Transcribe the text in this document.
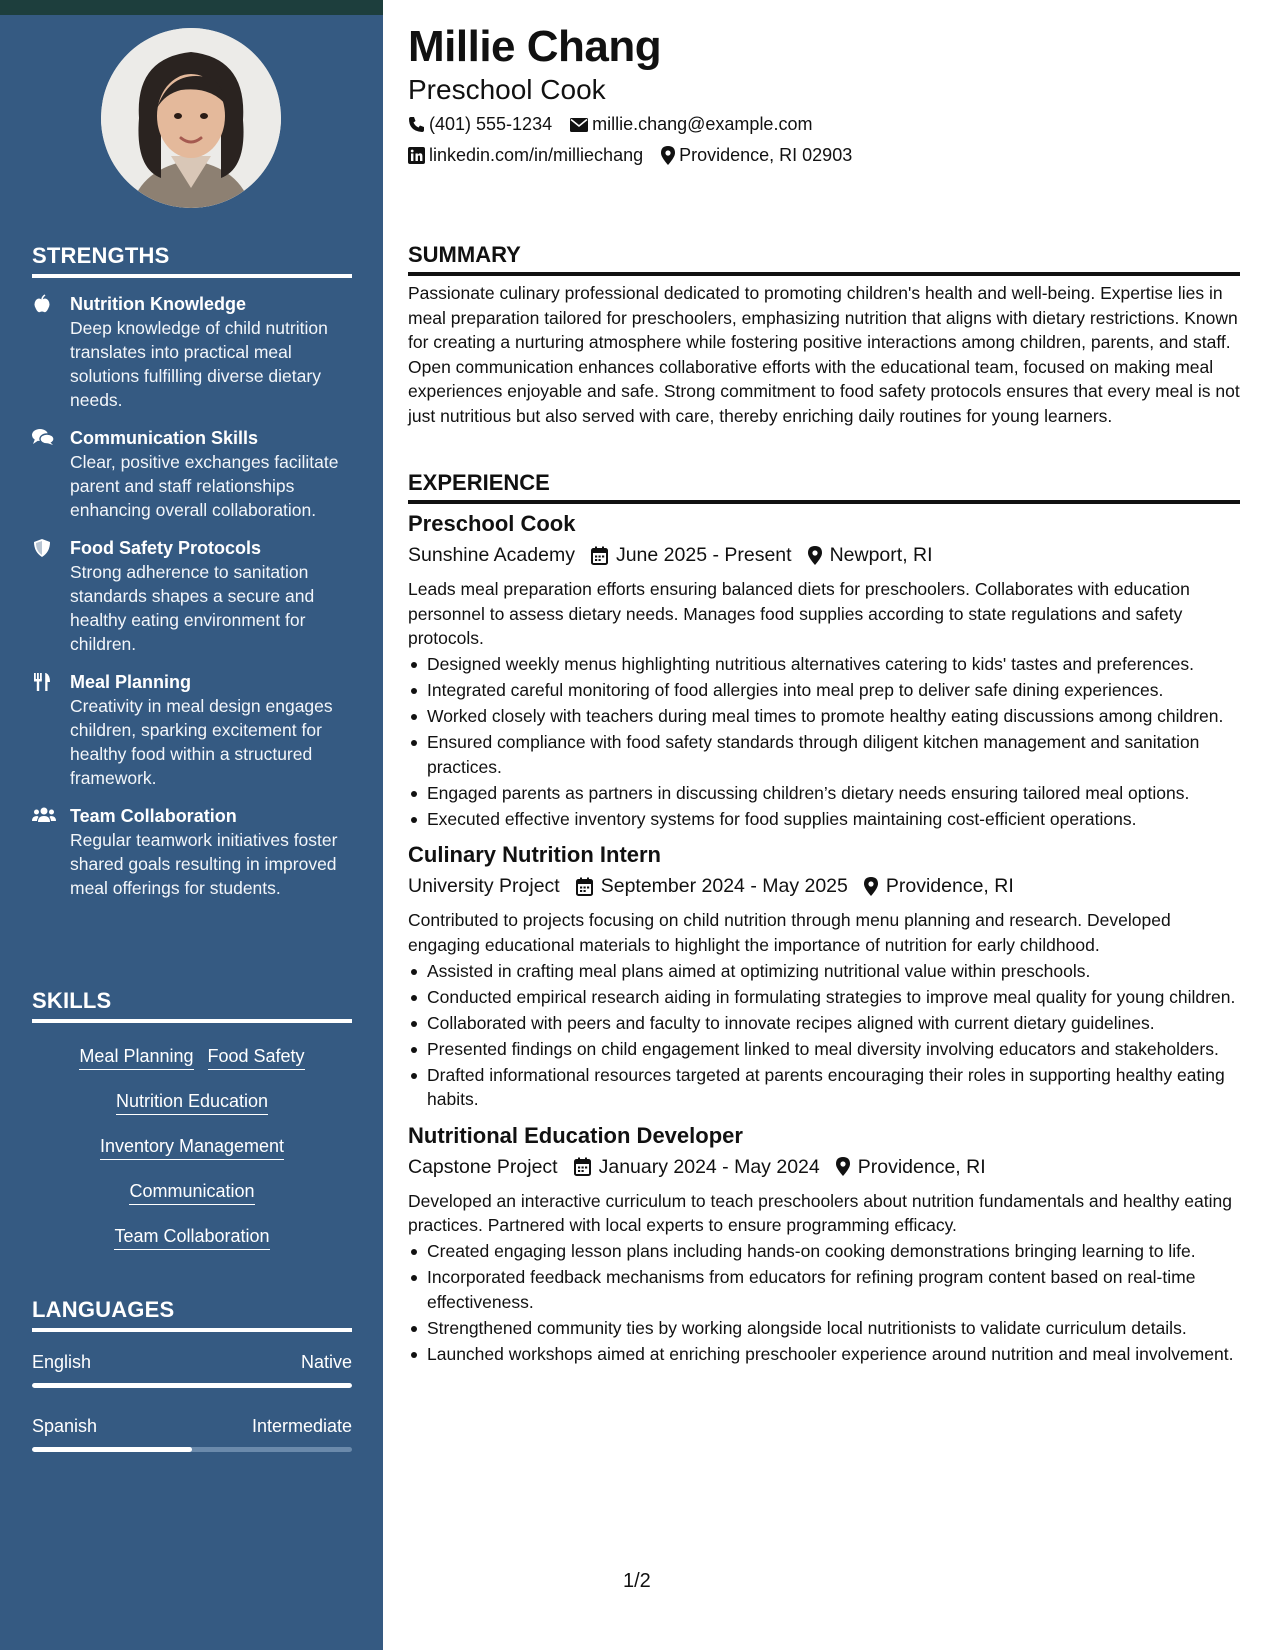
STRENGTHS
Nutrition Knowledge
Deep knowledge of child nutrition translates into practical meal solutions fulfilling diverse dietary needs.
Communication Skills
Clear, positive exchanges facilitate parent and staff relationships enhancing overall collaboration.
Food Safety Protocols
Strong adherence to sanitation standards shapes a secure and healthy eating environment for children.
Meal Planning
Creativity in meal design engages children, sparking excitement for healthy food within a structured framework.
Team Collaboration
Regular teamwork initiatives foster shared goals resulting in improved meal offerings for students.
SKILLS
Meal Planning Food Safety
Nutrition Education
Inventory Management
Communication
Team Collaboration
LANGUAGES
English	Native
Spanish	Intermediate
Millie Chang
Preschool Cook
(401) 555-1234 millie.chang@example.com
linkedin.com/in/milliechang Providence, RI 02903
SUMMARY

Passionate culinary professional dedicated to promoting children's health and well-being. Expertise lies in meal preparation tailored for preschoolers, emphasizing nutrition that aligns with dietary restrictions. Known for creating a nurturing atmosphere while fostering positive interactions among children, parents, and staff. Open communication enhances collaborative efforts with the educational team, focused on making meal experiences enjoyable and safe. Strong commitment to food safety protocols ensures that every meal is not just nutritious but also served with care, thereby enriching daily routines for young learners.

EXPERIENCE
Preschool Cook
Sunshine Academy June 2025 - Present Newport, RI

Leads meal preparation efforts ensuring balanced diets for preschoolers. Collaborates with education personnel to assess dietary needs. Manages food supplies according to state regulations and safety protocols.

Designed weekly menus highlighting nutritious alternatives catering to kids' tastes and preferences.
Integrated careful monitoring of food allergies into meal prep to deliver safe dining experiences.
Worked closely with teachers during meal times to promote healthy eating discussions among children.
Ensured compliance with food safety standards through diligent kitchen management and sanitation practices.
Engaged parents as partners in discussing children’s dietary needs ensuring tailored meal options.
Executed effective inventory systems for food supplies maintaining cost-efficient operations.
Culinary Nutrition Intern
University Project September 2024 - May 2025 Providence, RI

Contributed to projects focusing on child nutrition through menu planning and research. Developed engaging educational materials to highlight the importance of nutrition for early childhood.

Assisted in crafting meal plans aimed at optimizing nutritional value within preschools.
Conducted empirical research aiding in formulating strategies to improve meal quality for young children.
Collaborated with peers and faculty to innovate recipes aligned with current dietary guidelines.
Presented findings on child engagement linked to meal diversity involving educators and stakeholders.
Drafted informational resources targeted at parents encouraging their roles in supporting healthy eating habits.
Nutritional Education Developer
Capstone Project January 2024 - May 2024 Providence, RI

Developed an interactive curriculum to teach preschoolers about nutrition fundamentals and healthy eating practices. Partnered with local experts to ensure programming efficacy.

Created engaging lesson plans including hands-on cooking demonstrations bringing learning to life.
Incorporated feedback mechanisms from educators for refining program content based on real-time effectiveness.
Strengthened community ties by working alongside local nutritionists to validate curriculum details.
Launched workshops aimed at enriching preschooler experience around nutrition and meal involvement.
1/2
